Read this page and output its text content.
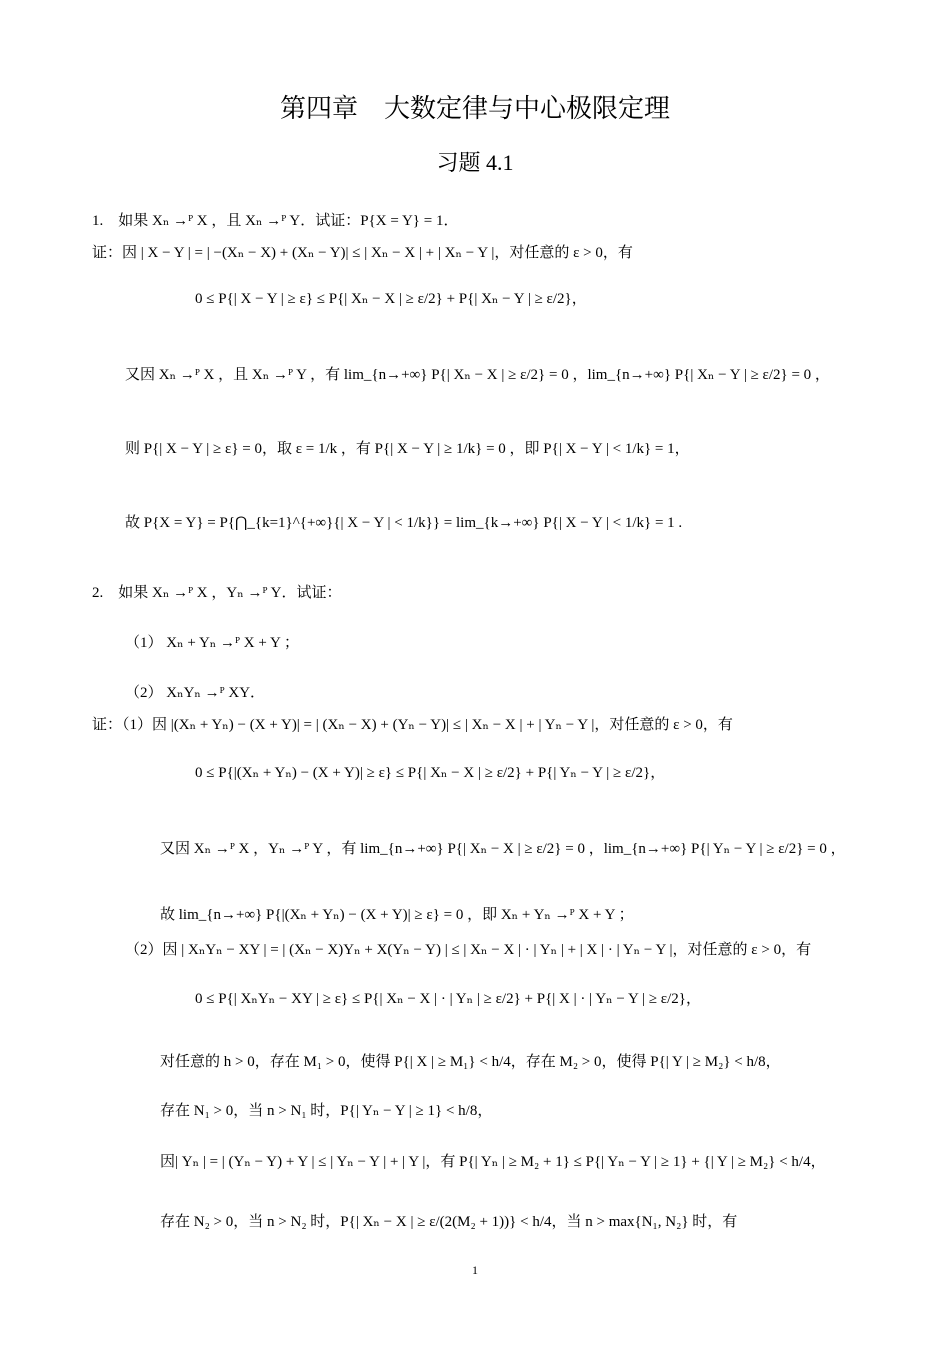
第四章　大数定律与中心极限定理
习题 4.1
1.　如果 Xₙ →ᴾ X ，且 Xₙ →ᴾ Y．试证：P{X = Y} = 1．
证：因 | X − Y | = | −(Xₙ − X) + (Xₙ − Y)| ≤ | Xₙ − X | + | Xₙ − Y |，对任意的 ε > 0，有
0 ≤ P{| X − Y | ≥ ε} ≤ P{| Xₙ − X | ≥ ε/2} + P{| Xₙ − Y | ≥ ε/2}，
又因 Xₙ →ᴾ X ，且 Xₙ →ᴾ Y ，有 lim_{n→+∞} P{| Xₙ − X | ≥ ε/2} = 0 ，lim_{n→+∞} P{| Xₙ − Y | ≥ ε/2} = 0 ，
则 P{| X − Y | ≥ ε} = 0，取 ε = 1/k ，有 P{| X − Y | ≥ 1/k} = 0 ，即 P{| X − Y | < 1/k} = 1，
故 P{X = Y} = P{⋂_{k=1}^{+∞}{| X − Y | < 1/k}} = lim_{k→+∞} P{| X − Y | < 1/k} = 1 .
2.　如果 Xₙ →ᴾ X ，Yₙ →ᴾ Y．试证：
（1） Xₙ + Yₙ →ᴾ X + Y ；
（2） XₙYₙ →ᴾ XY．
证：（1）因 |(Xₙ + Yₙ) − (X + Y)| = | (Xₙ − X) + (Yₙ − Y)| ≤ | Xₙ − X | + | Yₙ − Y |，对任意的 ε > 0，有
0 ≤ P{|(Xₙ + Yₙ) − (X + Y)| ≥ ε} ≤ P{| Xₙ − X | ≥ ε/2} + P{| Yₙ − Y | ≥ ε/2}，
又因 Xₙ →ᴾ X ，Yₙ →ᴾ Y ，有 lim_{n→+∞} P{| Xₙ − X | ≥ ε/2} = 0 ，lim_{n→+∞} P{| Yₙ − Y | ≥ ε/2} = 0 ，
故 lim_{n→+∞} P{|(Xₙ + Yₙ) − (X + Y)| ≥ ε} = 0 ，即 Xₙ + Yₙ →ᴾ X + Y ；
（2）因 | XₙYₙ − XY | = | (Xₙ − X)Yₙ + X(Yₙ − Y) | ≤ | Xₙ − X | · | Yₙ | + | X | · | Yₙ − Y |，对任意的 ε > 0，有
0 ≤ P{| XₙYₙ − XY | ≥ ε} ≤ P{| Xₙ − X | · | Yₙ | ≥ ε/2} + P{| X | · | Yₙ − Y | ≥ ε/2}，
对任意的 h > 0，存在 M₁ > 0，使得 P{| X | ≥ M₁} < h/4，存在 M₂ > 0，使得 P{| Y | ≥ M₂} < h/8，
存在 N₁ > 0，当 n > N₁ 时，P{| Yₙ − Y | ≥ 1} < h/8，
因| Yₙ | = | (Yₙ − Y) + Y | ≤ | Yₙ − Y | + | Y |，有 P{| Yₙ | ≥ M₂ + 1} ≤ P{| Yₙ − Y | ≥ 1} + {| Y | ≥ M₂} < h/4，
存在 N₂ > 0，当 n > N₂ 时，P{| Xₙ − X | ≥ ε/(2(M₂ + 1))} < h/4，当 n > max{N₁, N₂} 时，有
1
